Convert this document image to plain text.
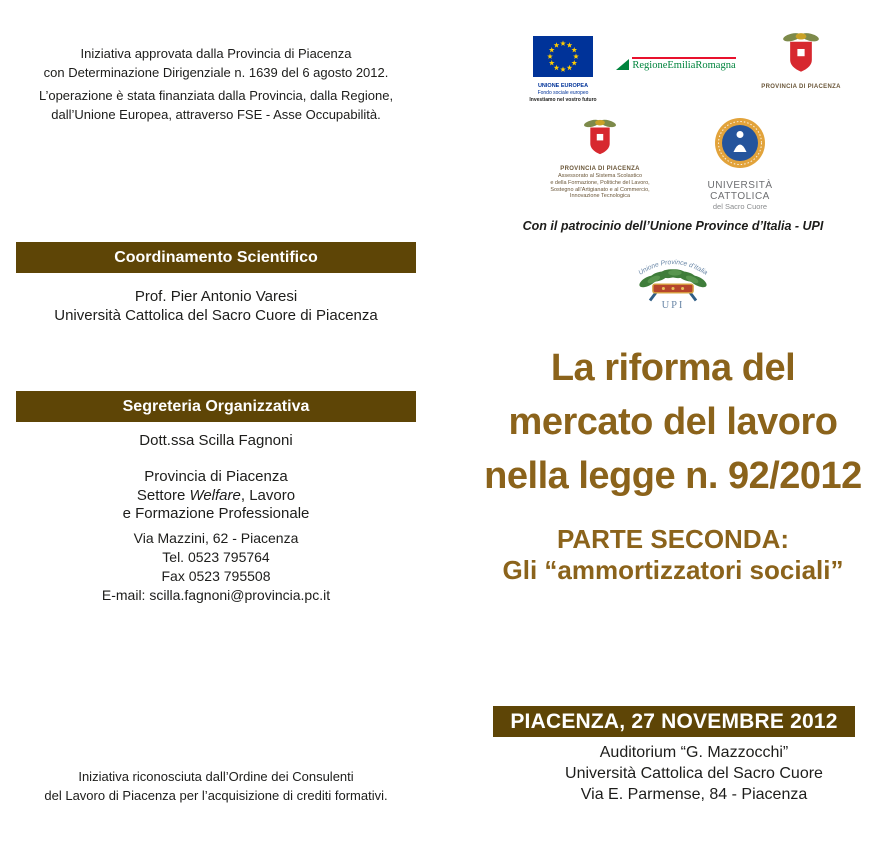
Iniziativa approvata dalla Provincia di Piacenza
con Determinazione Dirigenziale n. 1639 del 6 agosto 2012.
L’operazione è stata finanziata dalla Provincia, dalla Regione,
dall’Unione Europea, attraverso FSE - Asse Occupabilità.
Coordinamento Scientifico
Prof. Pier Antonio Varesi
Università Cattolica del Sacro Cuore di Piacenza
Segreteria Organizzativa
Dott.ssa Scilla Fagnoni
Provincia di Piacenza
Settore Welfare, Lavoro
e Formazione Professionale
Via Mazzini, 62 - Piacenza
Tel. 0523 795764
Fax 0523 795508
E-mail: scilla.fagnoni@provincia.pc.it
Iniziativa riconosciuta dall’Ordine dei Consulenti
del Lavoro di Piacenza per l’acquisizione di crediti formativi.
UNIONE EUROPEA
Fondo sociale europeo
Investiamo nel vostro futuro
RegioneEmiliaRomagna
PROVINCIA DI PIACENZA
PROVINCIA DI PIACENZA
Assessorato al Sistema Scolastico
e della Formazione, Politiche del Lavoro,
Sostegno all’Artigianato e al Commercio,
Innovazione Tecnologica
UNIVERSITÀ
CATTOLICA
del Sacro Cuore
Con il patrocinio dell’Unione Province d’Italia - UPI
Unione Province d’Italia
UPI
La riforma del
mercato del lavoro
nella legge n. 92/2012
PARTE SECONDA:
Gli “ammortizzatori sociali”
PIACENZA, 27 NOVEMBRE 2012
Auditorium “G. Mazzocchi”
Università Cattolica del Sacro Cuore
Via E. Parmense, 84 - Piacenza
